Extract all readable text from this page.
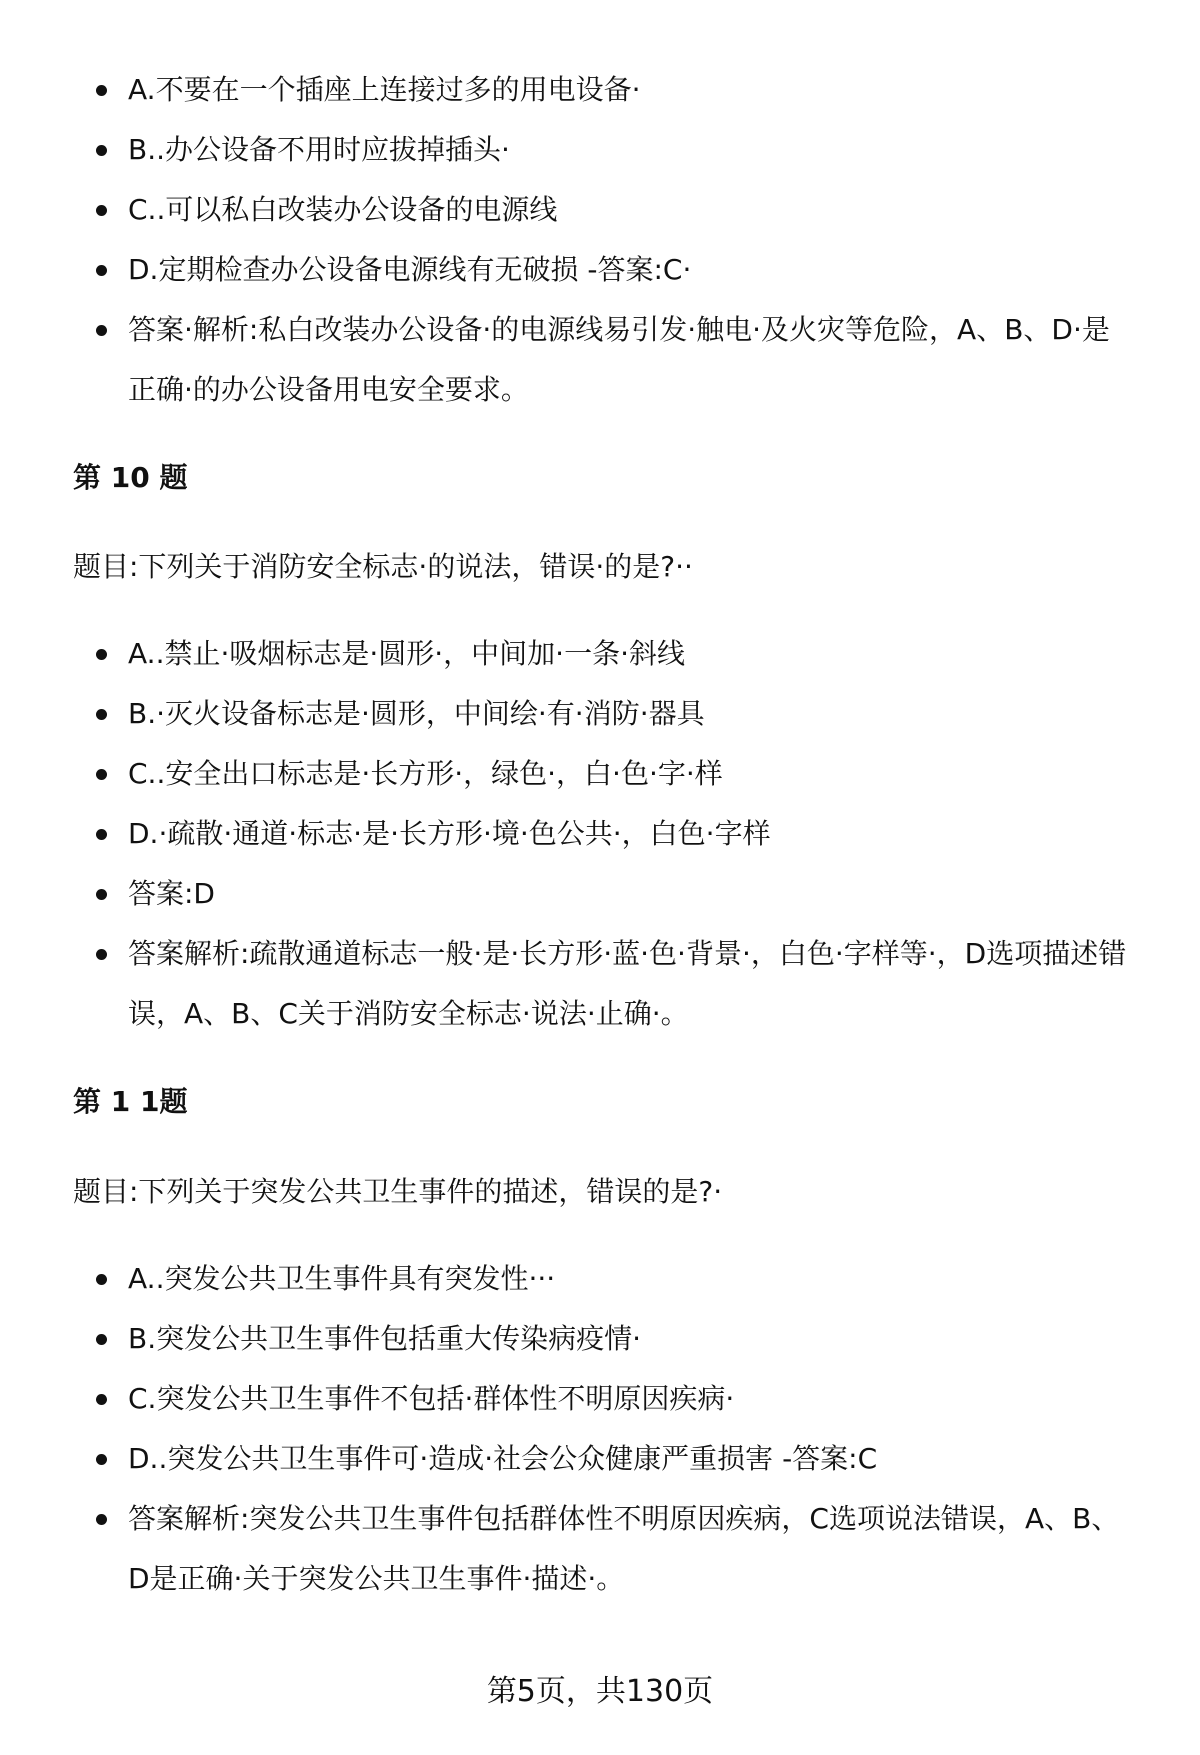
A.不要在一个插座上连接过多的用电设备·
B..办公设备不用时应拔掉插头·
C..可以私白改装办公设备的电源线
D.定期检查办公设备电源线有无破损 -答案:C·
答案·解析:私白改装办公设备·的电源线易引发·触电·及火灾等危险，A、B、D·是正确·的办公设备用电安全要求。
第 10 题

题目:下列关于消防安全标志·的说法，错误·的是?··

A..禁止·吸烟标志是·圆形·，中间加·一条·斜线
B.·灭火设备标志是·圆形，中间绘·有·消防·器具
C..安全出口标志是·长方形·，绿色·，白·色·字·样
D.·疏散·通道·标志·是·长方形·境·色公共·，白色·字样
答案:D
答案解析:疏散通道标志一般·是·长方形·蓝·色·背景·，白色·字样等·，D选项描述错误，A、B、C关于消防安全标志·说法·止确·。
第 1 1题

题目:下列关于突发公共卫生事件的描述，错误的是?·

A..突发公共卫生事件具有突发性···
B.突发公共卫生事件包括重大传染病疫情·
C.突发公共卫生事件不包括·群体性不明原因疾病·
D..突发公共卫生事件可·造成·社会公众健康严重损害 -答案:C
答案解析:突发公共卫生事件包括群体性不明原因疾病，C选项说法错误，A、B、D是正确·关于突发公共卫生事件·描述·。
第5页，共130页
